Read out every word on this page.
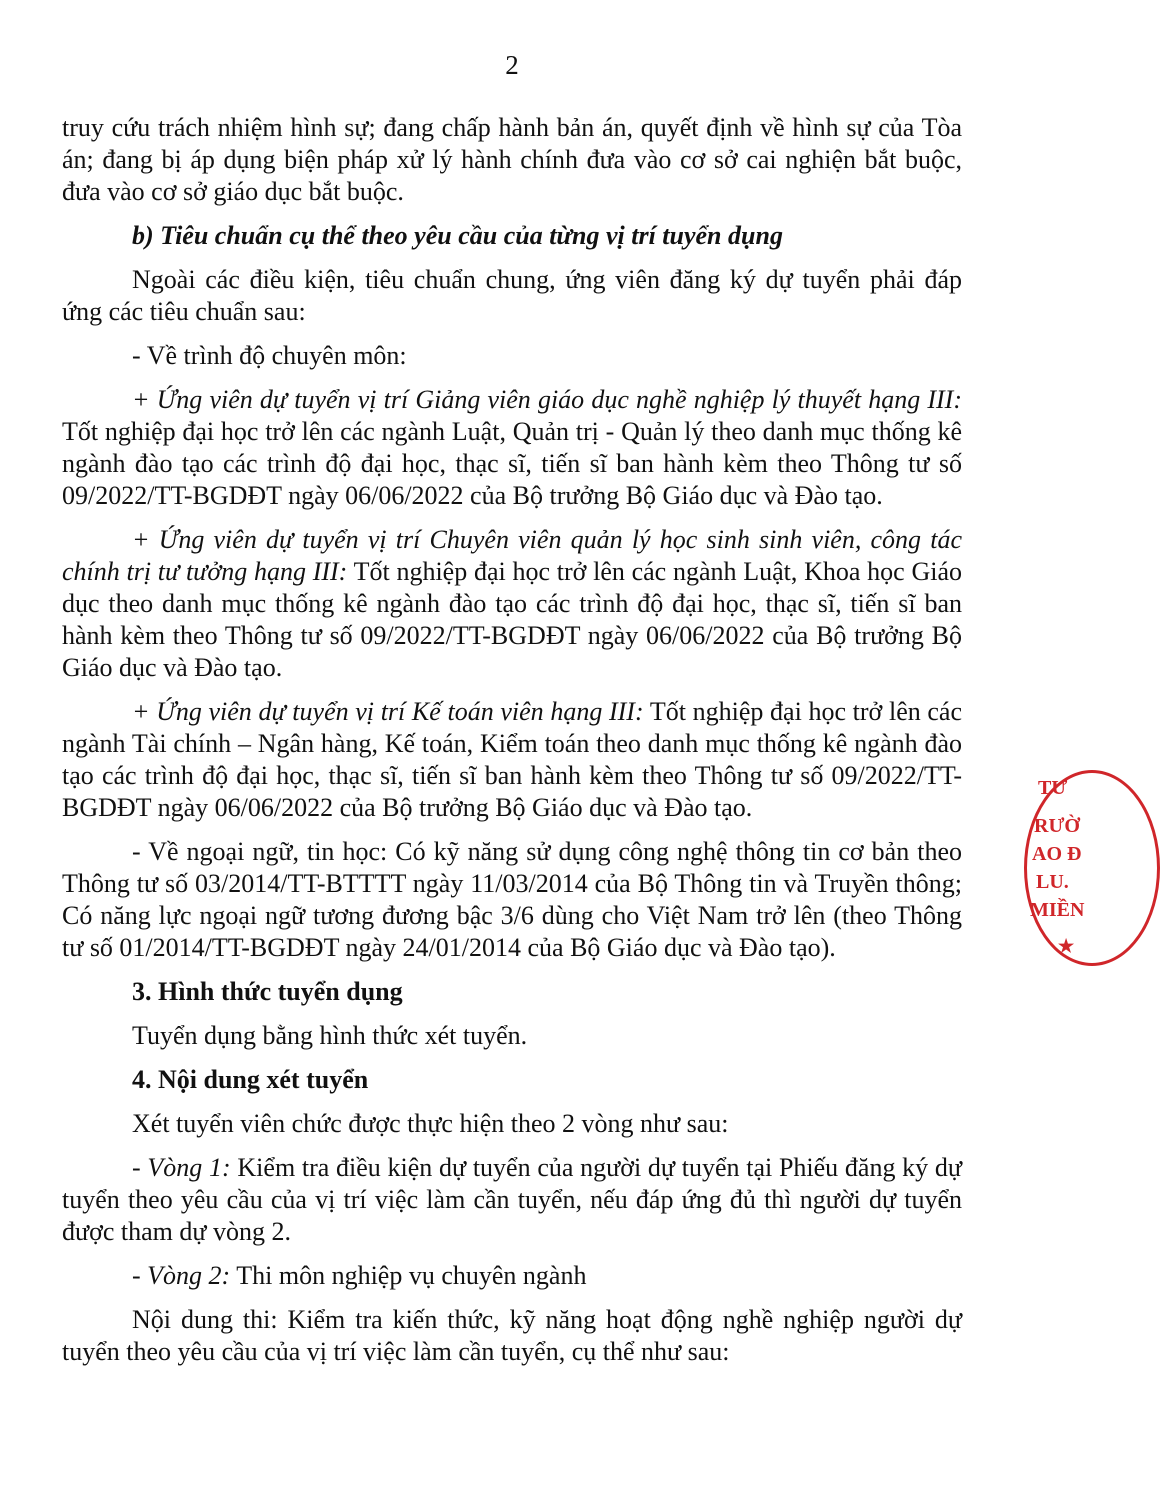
2

truy cứu trách nhiệm hình sự; đang chấp hành bản án, quyết định về hình sự của Tòa án; đang bị áp dụng biện pháp xử lý hành chính đưa vào cơ sở cai nghiện bắt buộc, đưa vào cơ sở giáo dục bắt buộc.

b) Tiêu chuẩn cụ thể theo yêu cầu của từng vị trí tuyển dụng

Ngoài các điều kiện, tiêu chuẩn chung, ứng viên đăng ký dự tuyển phải đáp ứng các tiêu chuẩn sau:

- Về trình độ chuyên môn:

+ Ứng viên dự tuyển vị trí Giảng viên giáo dục nghề nghiệp lý thuyết hạng III: Tốt nghiệp đại học trở lên các ngành Luật, Quản trị - Quản lý theo danh mục thống kê ngành đào tạo các trình độ đại học, thạc sĩ, tiến sĩ ban hành kèm theo Thông tư số 09/2022/TT-BGDĐT ngày 06/06/2022 của Bộ trưởng Bộ Giáo dục và Đào tạo.

+ Ứng viên dự tuyển vị trí Chuyên viên quản lý học sinh sinh viên, công tác chính trị tư tưởng hạng III: Tốt nghiệp đại học trở lên các ngành Luật, Khoa học Giáo dục theo danh mục thống kê ngành đào tạo các trình độ đại học, thạc sĩ, tiến sĩ ban hành kèm theo Thông tư số 09/2022/TT-BGDĐT ngày 06/06/2022 của Bộ trưởng Bộ Giáo dục và Đào tạo.

+ Ứng viên dự tuyển vị trí Kế toán viên hạng III: Tốt nghiệp đại học trở lên các ngành Tài chính – Ngân hàng, Kế toán, Kiểm toán theo danh mục thống kê ngành đào tạo các trình độ đại học, thạc sĩ, tiến sĩ ban hành kèm theo Thông tư số 09/2022/TT-BGDĐT ngày 06/06/2022 của Bộ trưởng Bộ Giáo dục và Đào tạo.

- Về ngoại ngữ, tin học: Có kỹ năng sử dụng công nghệ thông tin cơ bản theo Thông tư số 03/2014/TT-BTTTT ngày 11/03/2014 của Bộ Thông tin và Truyền thông; Có năng lực ngoại ngữ tương đương bậc 3/6 dùng cho Việt Nam trở lên (theo Thông tư số 01/2014/TT-BGDĐT ngày 24/01/2014 của Bộ Giáo dục và Đào tạo).

3. Hình thức tuyển dụng

Tuyển dụng bằng hình thức xét tuyển.

4. Nội dung xét tuyển

Xét tuyển viên chức được thực hiện theo 2 vòng như sau:

- Vòng 1: Kiểm tra điều kiện dự tuyển của người dự tuyển tại Phiếu đăng ký dự tuyển theo yêu cầu của vị trí việc làm cần tuyển, nếu đáp ứng đủ thì người dự tuyển được tham dự vòng 2.

- Vòng 2: Thi môn nghiệp vụ chuyên ngành

Nội dung thi: Kiểm tra kiến thức, kỹ năng hoạt động nghề nghiệp người dự tuyển theo yêu cầu của vị trí việc làm cần tuyển, cụ thể như sau:

TƯ
RƯỜ
AO Đ
LU.
MIỀN
★
